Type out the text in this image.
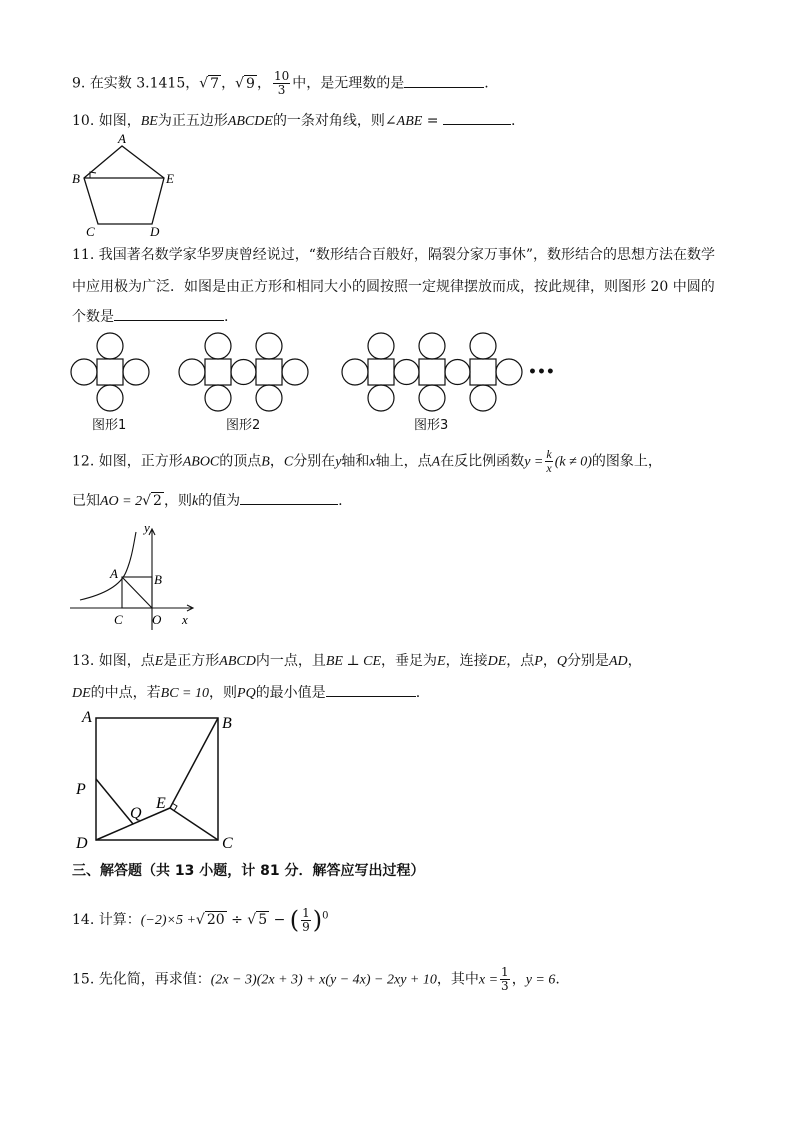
9. 在实数 3.1415，√ 7 ，√ 9 ， $\frac{10}{3}$ 中，是无理数的是	.
10. 如图，BE为正五边形ABCDE的一条对角线，则∠ABE =	.
A
B
C	D
E
11. 我国著名数学家华罗庚曾经说过，“数形结合百般好，隔裂分家万事休”，数形结合的思想方法在数学
中应用极为广泛．如图是由正方形和相同大小的圆按照一定规律摆放而成，按此规律，则图形 20 中圆的
个数是	.
•••
图形1	图形2	图形3
12. 如图，正方形ABOC的顶点B，C分别在y轴和x轴上，点A在反比例函数$y = \frac{k}{x} (k \ne 0)$的图象上，
已知AO = 2√ 2 ，则k的值为	.
y
x
A	B
C O
13. 如图，点E是正方形ABCD内一点，且BE ⊥ CE，垂足为E，连接DE，点P，Q分别是AD，
DE的中点，若BC = 10，则PQ的最小值是	.
A	B
C
D
P
Q
E
三、解答题（共 13 小题，计 81 分．解答应写出过程）
14. 计算：(−2)×5 +√ 20 ÷ √ 5 − ( $\frac{1}{9} )^0$
15. 先化简，再求值：(2x − 3)(2x + 3) + x(y − 4x) − 2xy + 10，其中$x = \frac{1}{3}$ ，y = 6.
